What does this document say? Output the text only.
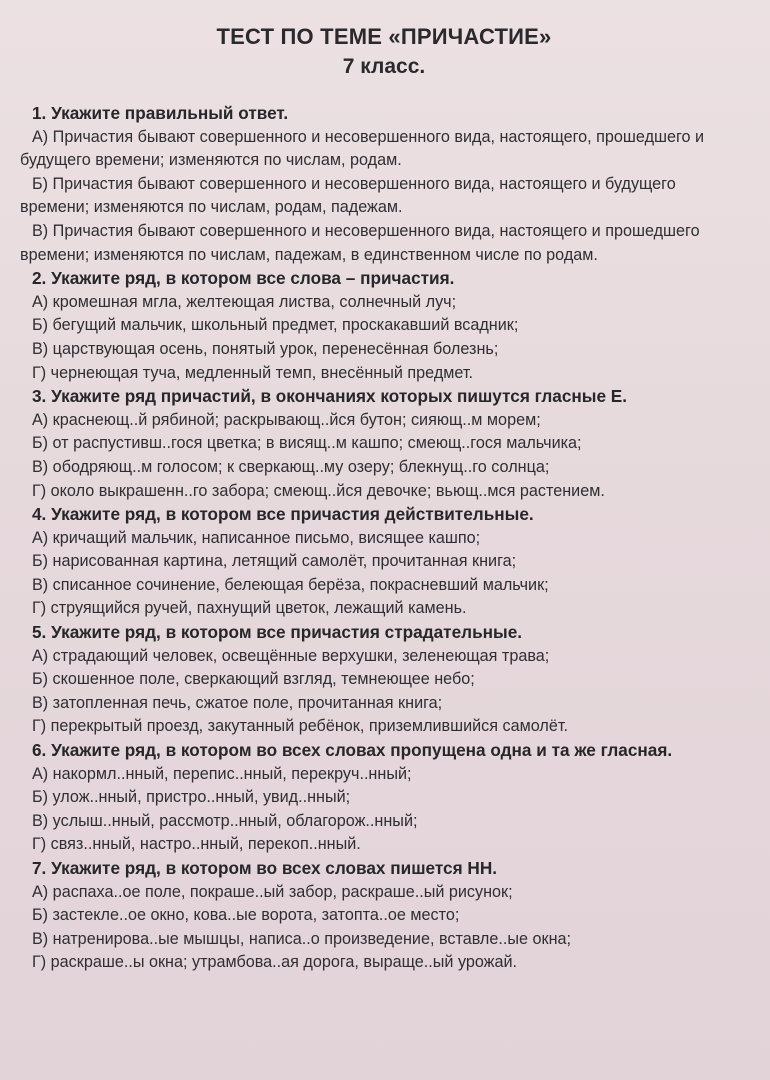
ТЕСТ ПО ТЕМЕ «ПРИЧАСТИЕ»
7 класс.
1. Укажите правильный ответ.
А) Причастия бывают совершенного и несовершенного вида, настоящего, прошедшего и будущего времени; изменяются по числам, родам.
Б) Причастия бывают совершенного и несовершенного вида, настоящего и будущего времени; изменяются по числам, родам, падежам.
В) Причастия бывают совершенного и несовершенного вида, настоящего и прошедшего времени; изменяются по числам, падежам, в единственном числе по родам.
2. Укажите ряд, в котором все слова – причастия.
А) кромешная мгла, желтеющая листва, солнечный луч;
Б) бегущий мальчик, школьный предмет, проскакавший всадник;
В) царствующая осень, понятый урок, перенесённая болезнь;
Г) чернеющая туча, медленный темп, внесённый предмет.
3. Укажите ряд причастий, в окончаниях которых пишутся гласные Е.
А) краснеющ..й рябиной; раскрывающ..йся бутон; сияющ..м морем;
Б) от распустивш..гося цветка; в висящ..м кашпо; смеющ..гося мальчика;
В) ободряющ..м голосом; к сверкающ..му озеру; блекнущ..го солнца;
Г) около выкрашенн..го забора; смеющ..йся девочке; вьющ..мся растением.
4. Укажите ряд, в котором все причастия действительные.
А) кричащий мальчик, написанное письмо, висящее кашпо;
Б) нарисованная картина, летящий самолёт, прочитанная книга;
В) списанное сочинение, белеющая берёза, покрасневший мальчик;
Г) струящийся ручей, пахнущий цветок, лежащий камень.
5. Укажите ряд, в котором все причастия страдательные.
А) страдающий человек, освещённые верхушки, зеленеющая трава;
Б) скошенное поле, сверкающий взгляд, темнеющее небо;
В) затопленная печь, сжатое поле, прочитанная книга;
Г) перекрытый проезд, закутанный ребёнок, приземлившийся самолёт.
6. Укажите ряд, в котором во всех словах пропущена одна и та же гласная.
А) накормл..нный, перепис..нный, перекруч..нный;
Б) улож..нный, пристро..нный, увид..нный;
В) услыш..нный, рассмотр..нный, облагорож..нный;
Г) связ..нный, настро..нный, перекоп..нный.
7. Укажите ряд, в котором во всех словах пишется НН.
А) распаха..ое поле, покраше..ый забор, раскраше..ый рисунок;
Б) застекле..ое окно, кова..ые ворота, затопта..ое место;
В) натренирова..ые мышцы, написа..о произведение, вставле..ые окна;
Г) раскраше..ы окна; утрамбова..ая дорога, выраще..ый урожай.
